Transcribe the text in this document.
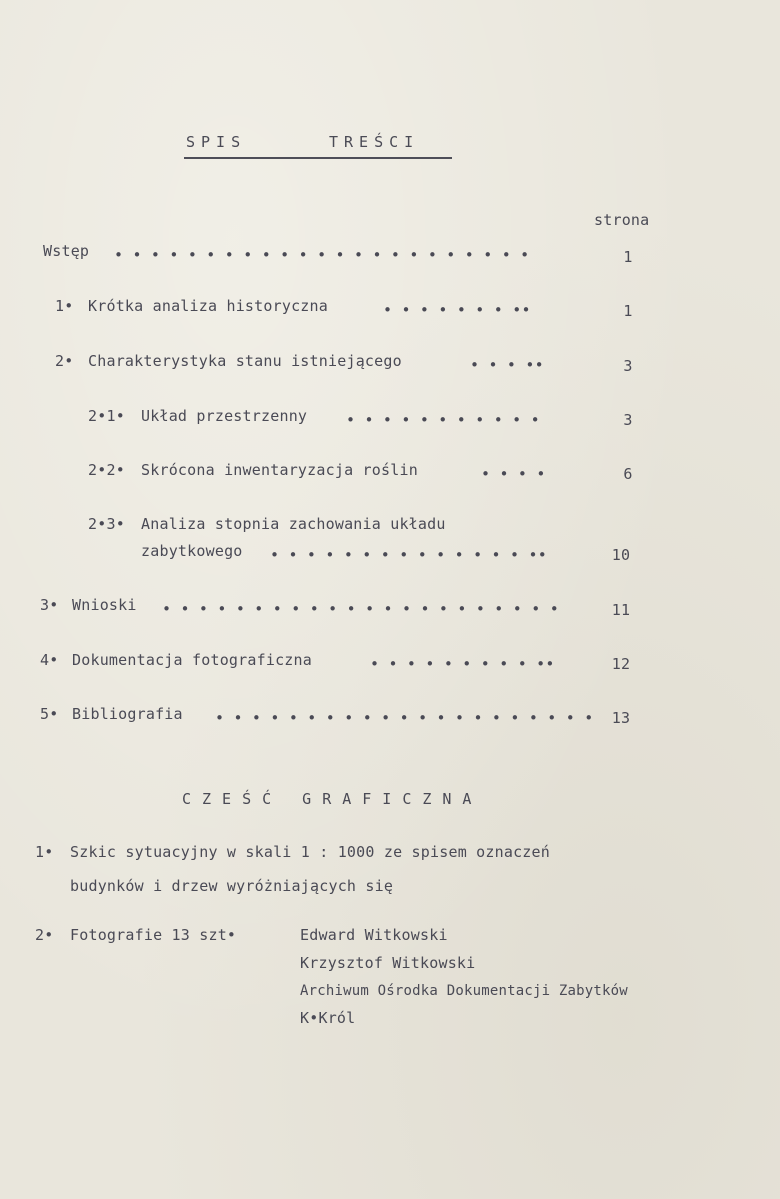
SPIS	TREŚCI
strona
Wstęp • • • • • • • • • • • • • • • • • • • • • • •	1
1• Krótka analiza historyczna	• • • • • • • ••	1
2• Charakterystyka stanu istniejącego	• • • ••	3
2•1• Układ przestrzenny	• • • • • • • • • • •	3
2•2• Skrócona inwentaryzacja roślin	• • • •	6
2•3• Analiza stopnia zachowania układu
zabytkowego • • • • • • • • • • • • • • ••	10
3• Wnioski • • • • • • • • • • • • • • • • • • • • • •	11
4• Dokumentacja fotograficzna	• • • • • • • • • ••	12
5• Bibliografia • • • • • • • • • • • • • • • • • • • • •	13
CZEŚĆ GRAFICZNA
1• Szkic sytuacyjny w skali 1 : 1000 ze spisem oznaczeń
budynków i drzew wyróżniających się
2• Fotografie 13 szt•	Edward Witkowski
Krzysztof Witkowski
Archiwum Ośrodka Dokumentacji Zabytków
K•Król
